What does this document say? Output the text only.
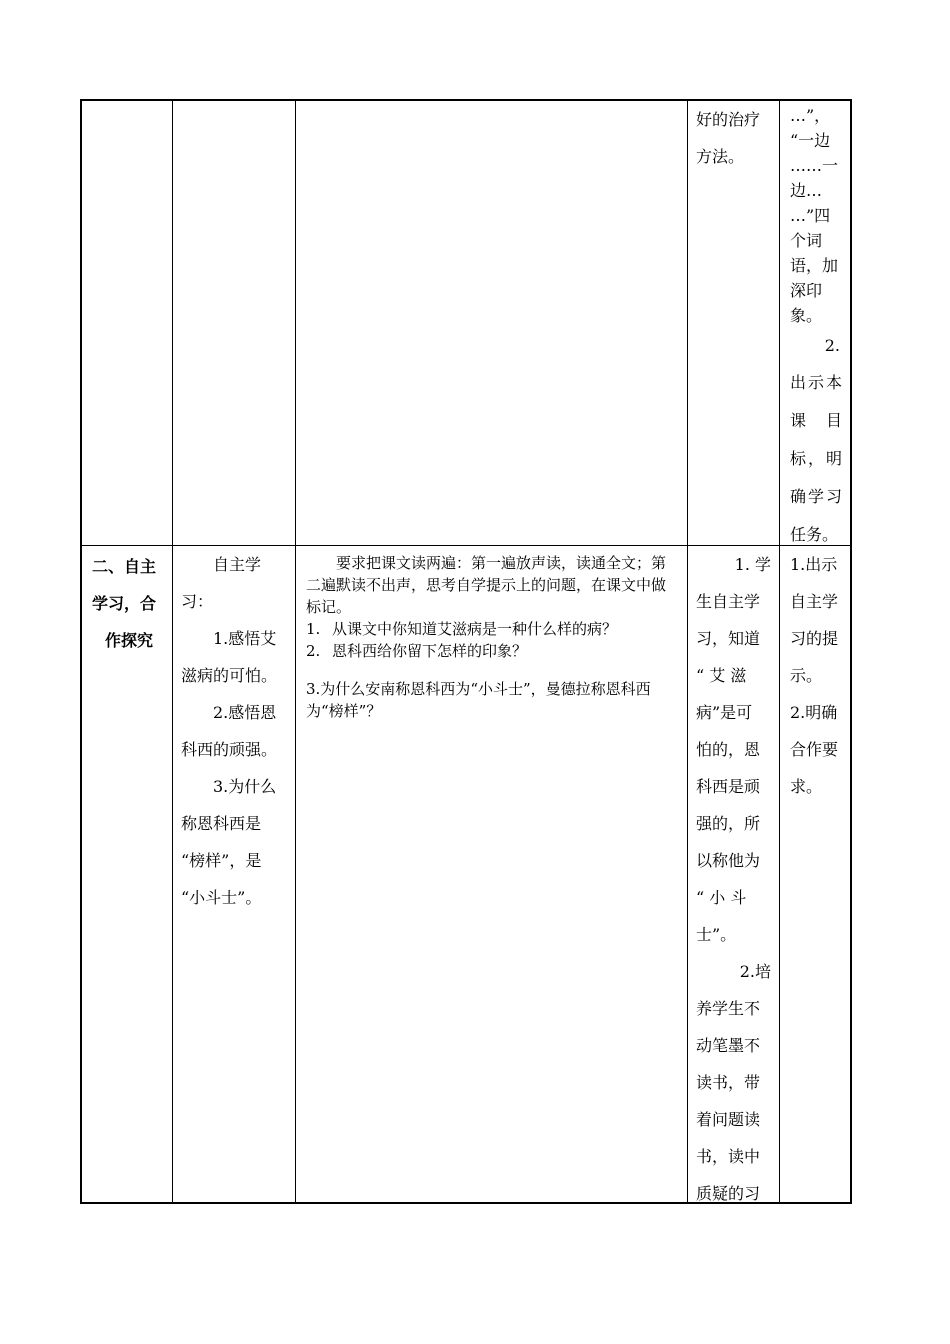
好的治疗

方法。

…”，

“一边

……一

边…

…”四

个词

语，加

深印

象。

2.

出示本

课　目

标，明

确学习

任务。

二、自主

学习，合

作探究

自主学

习：

1.感悟艾

滋病的可怕。

2.感悟恩

科西的顽强。

3.为什么

称恩科西是

“榜样”，是

“小斗士”。

要求把课文读两遍：第一遍放声读，读通全文；第二遍默读不出声，思考自学提示上的问题，在课文中做标记。

1. 从课文中你知道艾滋病是一种什么样的病？
2. 恩科西给你留下怎样的印象？

3.为什么安南称恩科西为“小斗士”，曼德拉称恩科西为“榜样”？

1. 学

生自主学

习，知道

“ 艾 滋

病”是可

怕的，恩

科西是顽

强的，所

以称他为

“ 小 斗

士”。

2.培

养学生不

动笔墨不

读书，带

着问题读

书，读中

质疑的习

1.出示

自主学

习的提

示。

2.明确

合作要

求。
